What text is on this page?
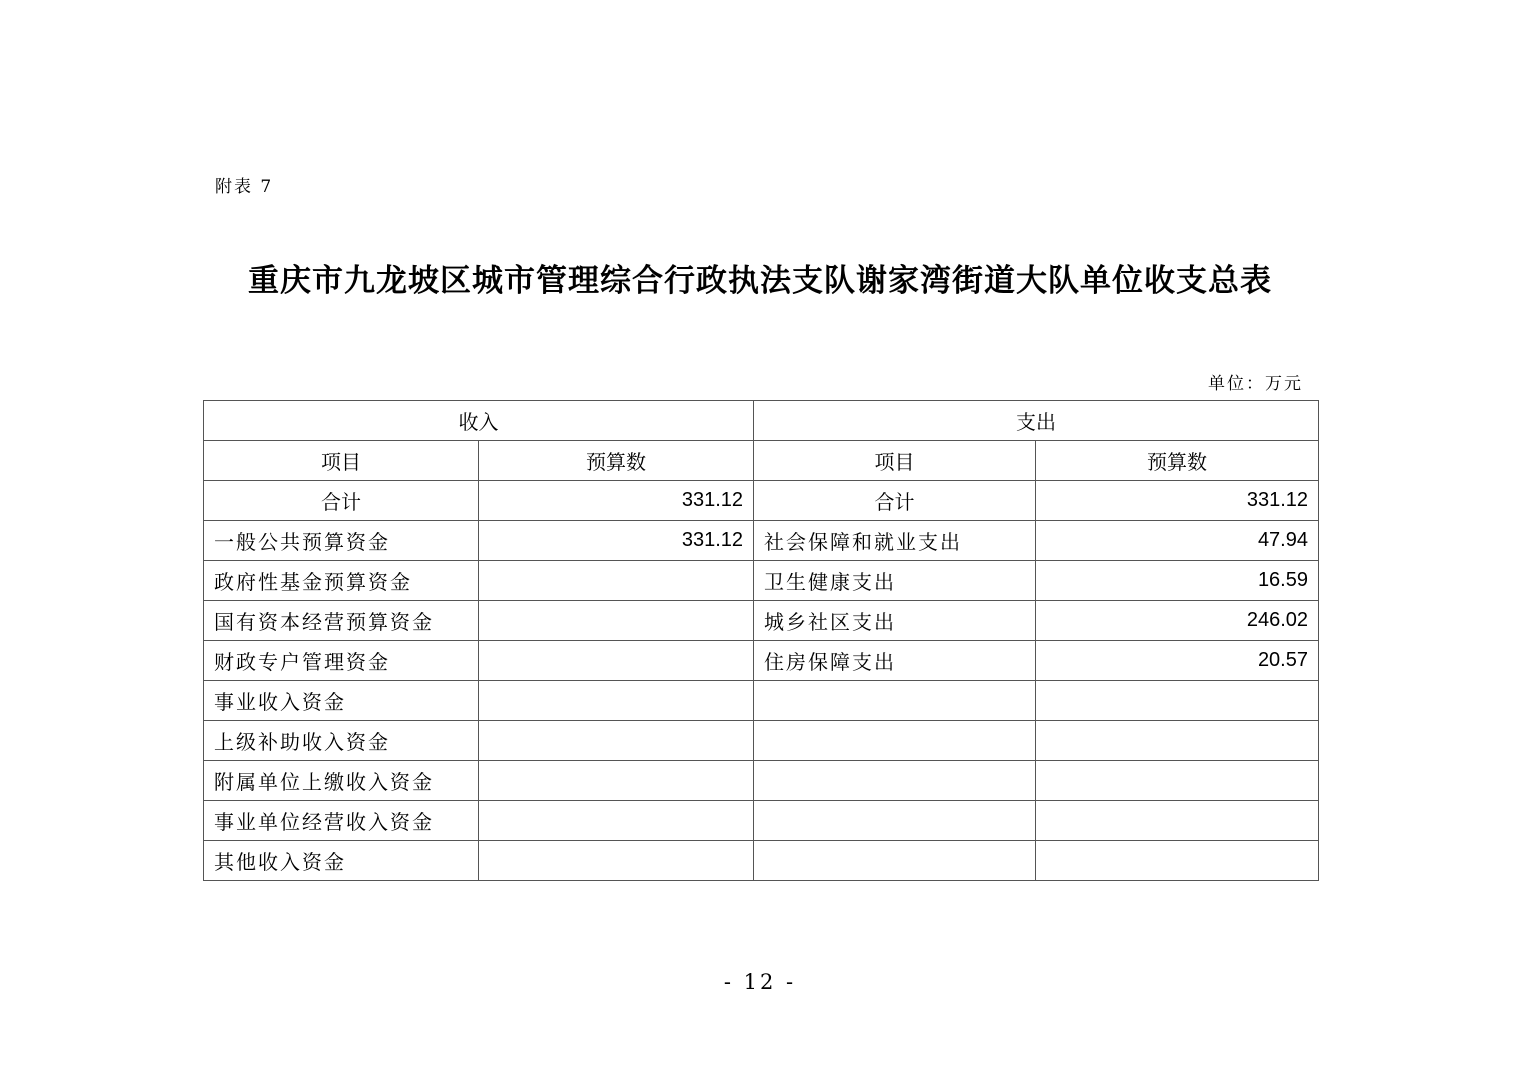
附表 7
重庆市九龙坡区城市管理综合行政执法支队谢家湾街道大队单位收支总表
单位：万元
收入		支出	
项目	预算数	项目	预算数
合计	331.12	合计	331.12
一般公共预算资金	331.12	社会保障和就业支出	47.94
政府性基金预算资金		卫生健康支出	16.59
国有资本经营预算资金		城乡社区支出	246.02
财政专户管理资金		住房保障支出	20.57
事业收入资金			
上级补助收入资金			
附属单位上缴收入资金			
事业单位经营收入资金			
其他收入资金			
- 12 -
